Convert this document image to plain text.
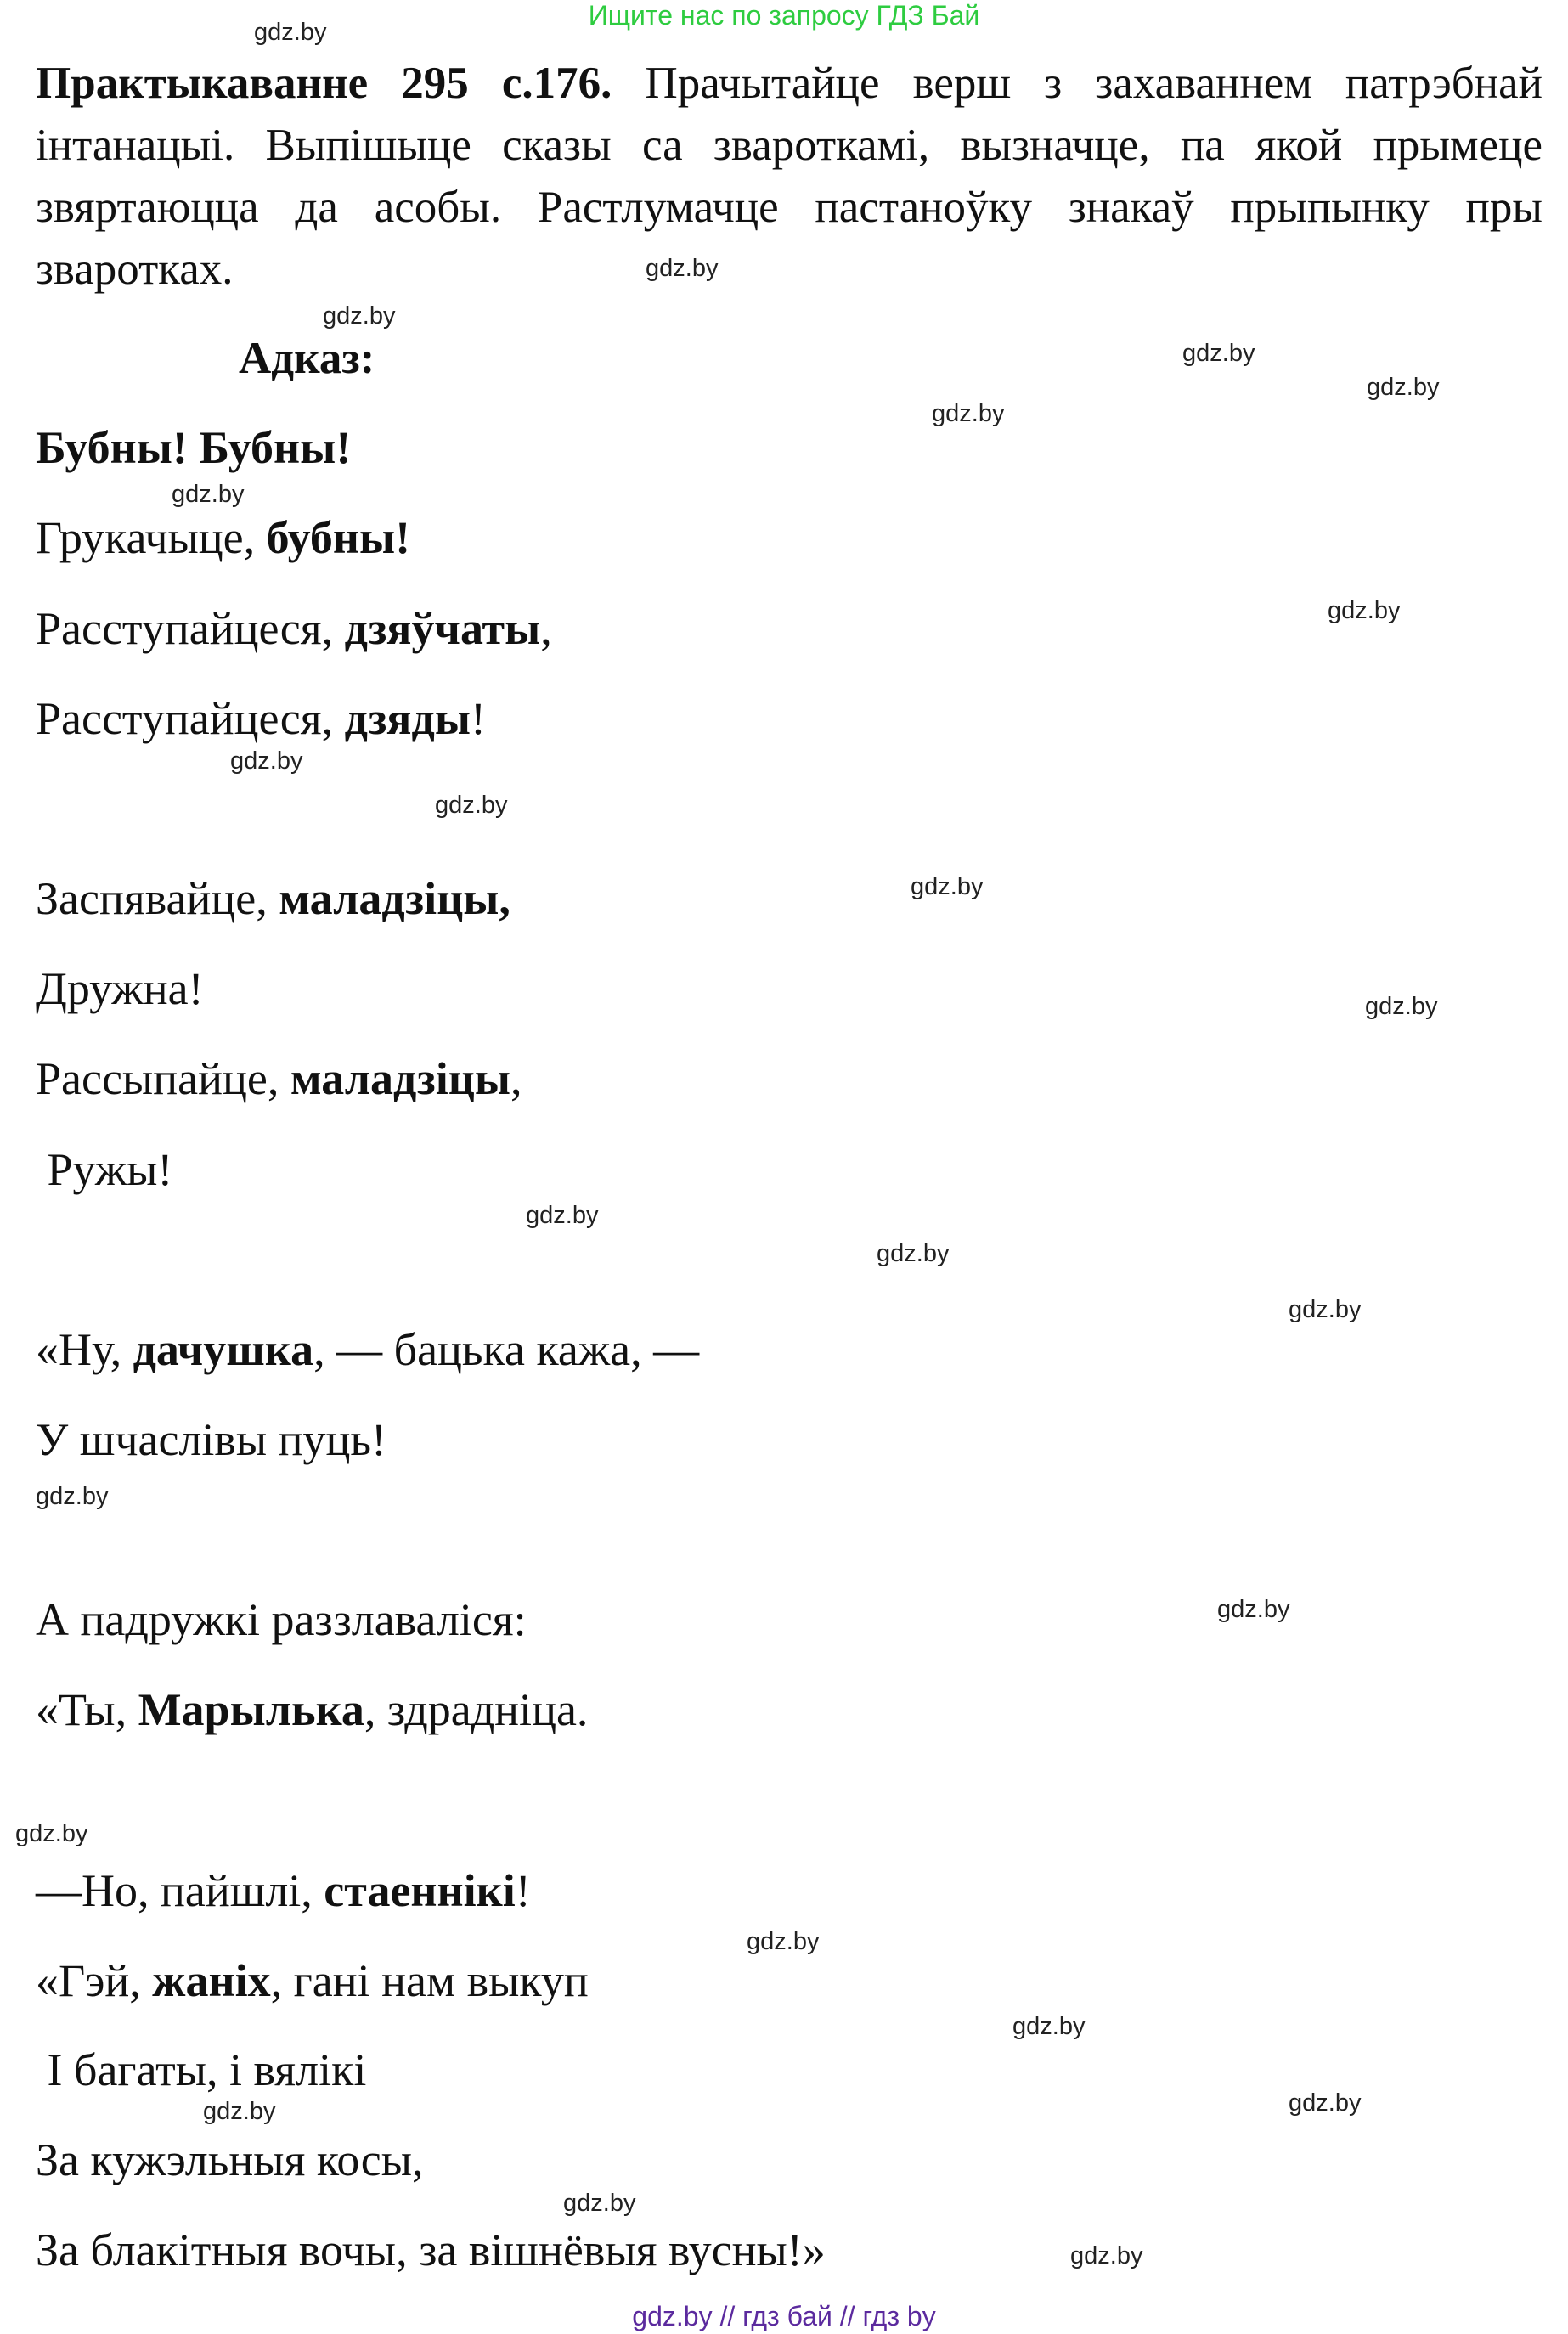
Ищите нас по запросу ГДЗ Бай
Практыкаванне 295 с.176. Прачытайце верш з захаваннем патрэбнай інтанацыі. Выпішыце сказы са звароткамі, вызначце, па якой прымеце звяртаюцца да асобы. Растлумачце пастаноўку знакаў прыпынку пры зваротках.
Адказ:
Бубны! Бубны!
Грукачыце, бубны!
Расступайцеся, дзяўчаты,
Расступайцеся, дзяды!
Заспявайце, маладзіцы,
Дружна!
Рассыпайце, маладзіцы,
Ружы!
«Ну, дачушка, — бацька кажа, —
У шчаслівы пуць!
А падружкі раззлаваліся:
«Ты, Марылька, здрадніца.
—Но, пайшлі, стаеннікі!
«Гэй, жаніх, гані нам выкуп
І багаты, і вялікі
За кужэльныя косы,
За блакітныя вочы, за вішнёвыя вусны!»
gdz.by
gdz.by
gdz.by
gdz.by
gdz.by
gdz.by
gdz.by
gdz.by
gdz.by
gdz.by
gdz.by
gdz.by
gdz.by
gdz.by
gdz.by
gdz.by
gdz.by
gdz.by
gdz.by
gdz.by
gdz.by	gdz.by
gdz.by
gdz.by
gdz.by // гдз бай // гдз by
